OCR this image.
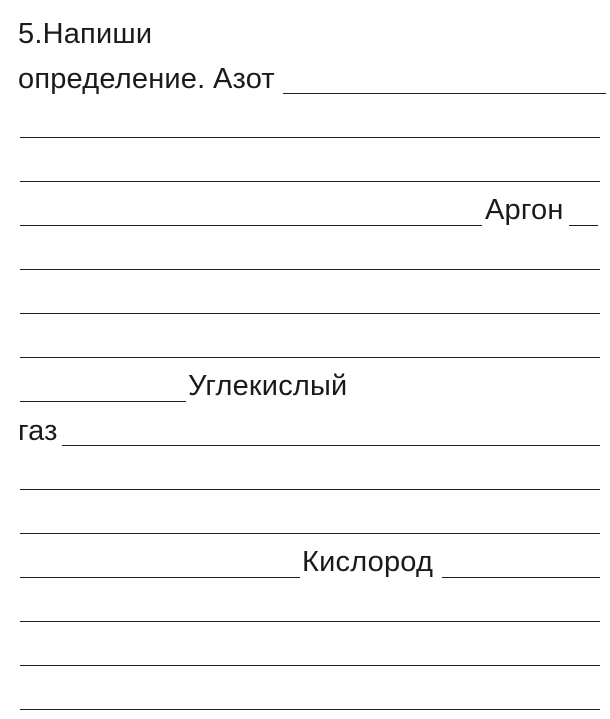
5.Напиши
определение. Азот
Аргон
Углекислый
газ
Кислород
